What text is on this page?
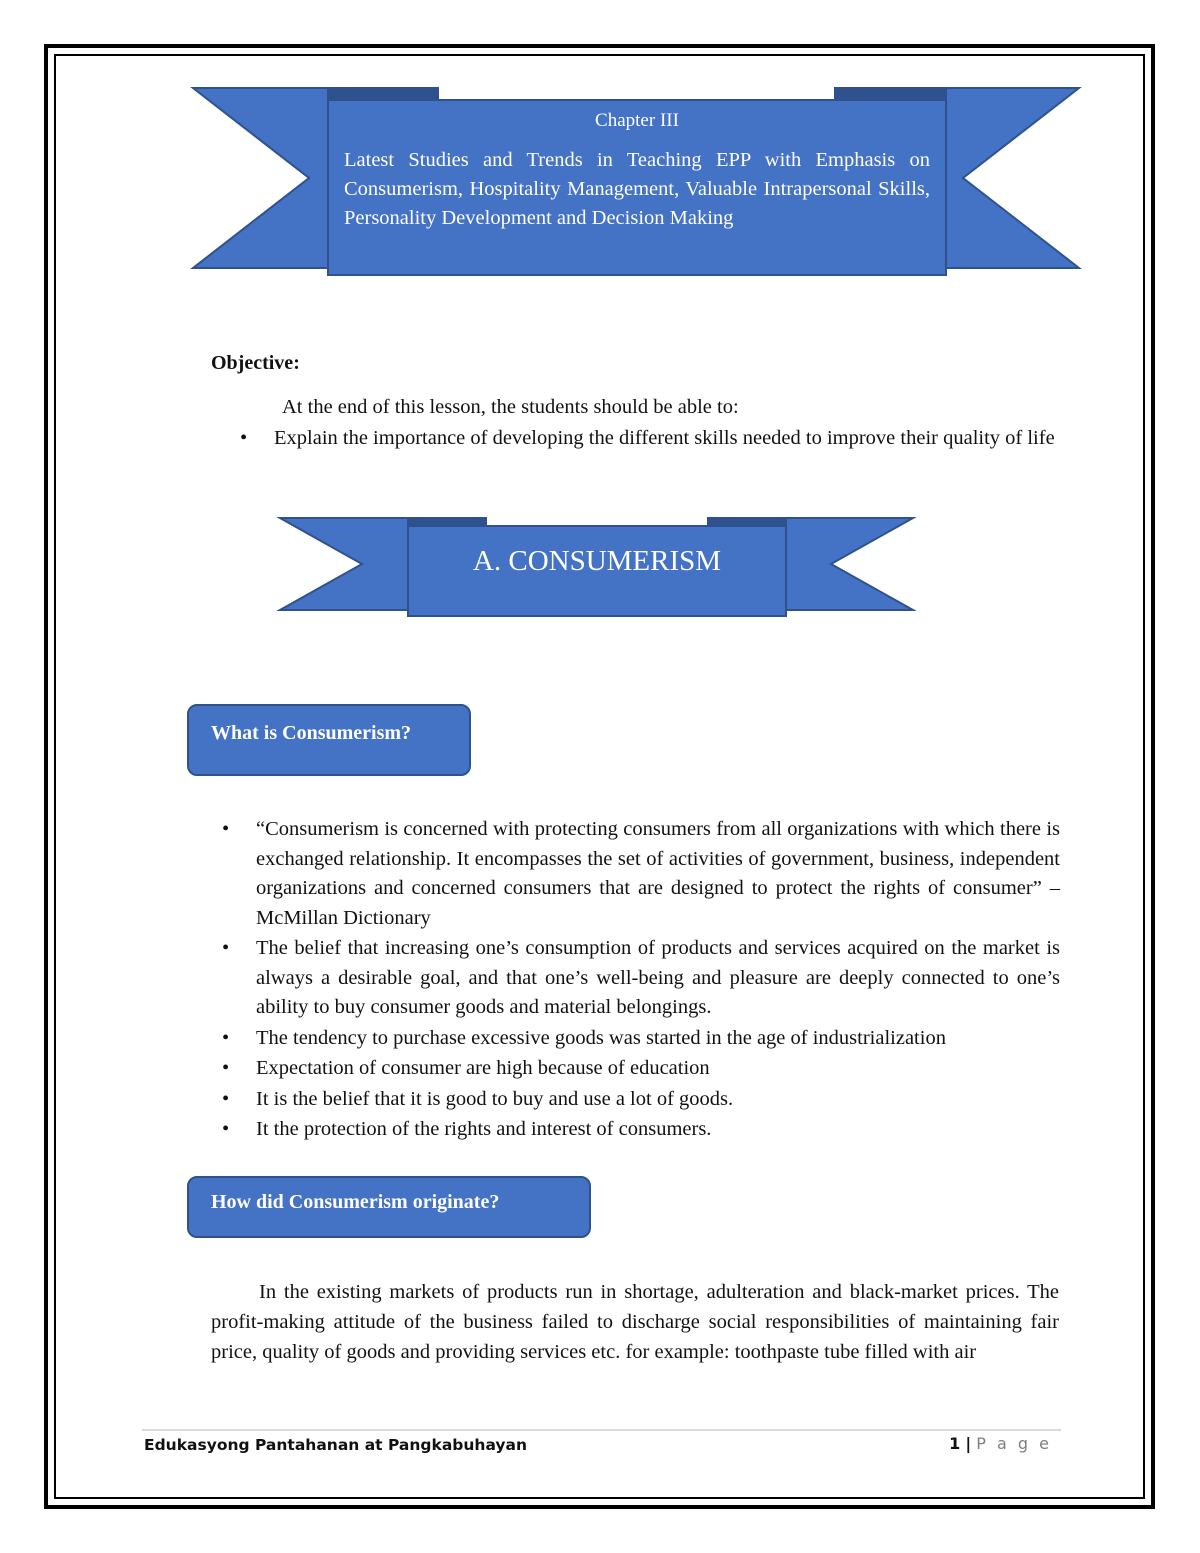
Chapter III
Latest Studies and Trends in Teaching EPP with Emphasis on Consumerism, Hospitality Management, Valuable Intrapersonal Skills, Personality Development and Decision Making
Objective:
At the end of this lesson, the students should be able to:
• Explain the importance of developing the different skills needed to improve their quality of life
A. CONSUMERISM
What is Consumerism?
• “Consumerism is concerned with protecting consumers from all organizations with which there is exchanged relationship. It encompasses the set of activities of government, business, independent organizations and concerned consumers that are designed to protect the rights of consumer” – McMillan Dictionary
• The belief that increasing one’s consumption of products and services acquired on the market is always a desirable goal, and that one’s well-being and pleasure are deeply connected to one’s ability to buy consumer goods and material belongings.
• The tendency to purchase excessive goods was started in the age of industrialization
• Expectation of consumer are high because of education
• It is the belief that it is good to buy and use a lot of goods.
• It the protection of the rights and interest of consumers.
How did Consumerism originate?

In the existing markets of products run in shortage, adulteration and black-market prices. The profit-making attitude of the business failed to discharge social responsibilities of maintaining fair price, quality of goods and providing services etc. for example: toothpaste tube filled with air

Edukasyong Pantahanan at Pangkabuhayan	1 | P a g e
